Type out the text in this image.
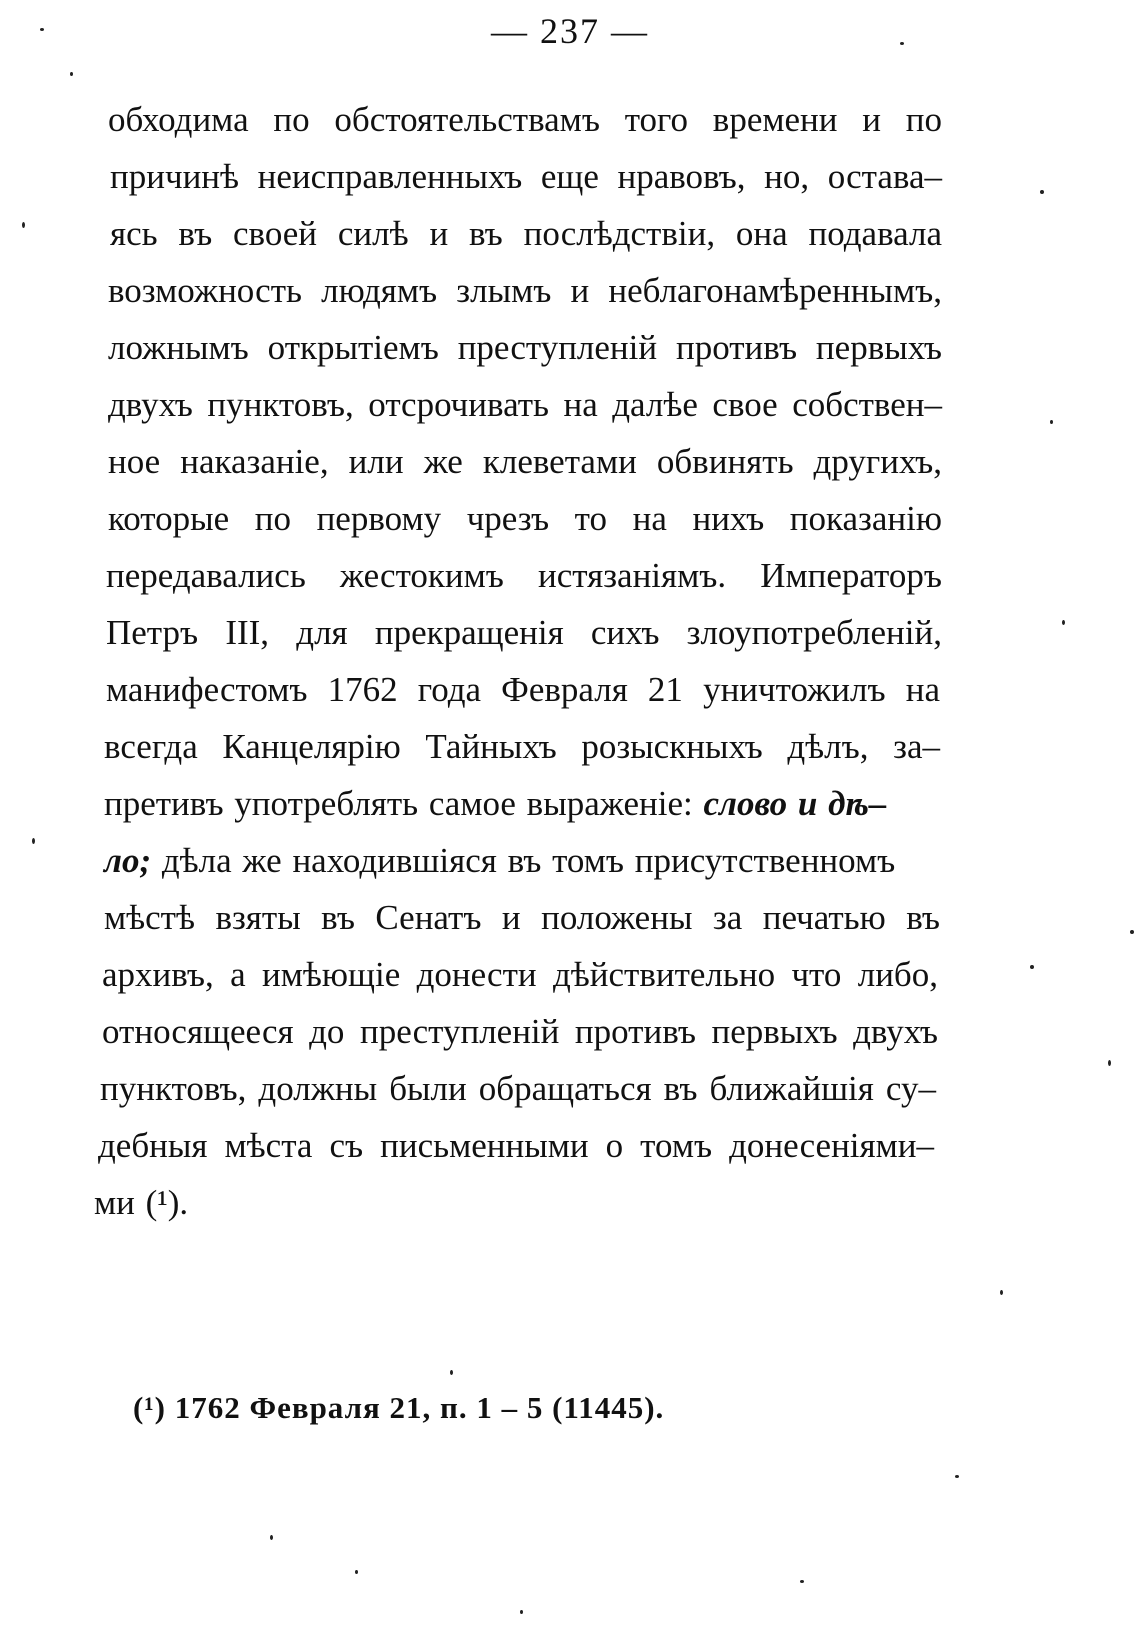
— 237 —
обходима по обстоятельствамъ того времени и по
причинѣ неисправленныхъ еще нравовъ, но, остава–
ясь въ своей силѣ и въ послѣдствіи, она подавала
возможность людямъ злымъ и неблагонамѣреннымъ,
ложнымъ открытіемъ преступленій противъ первыхъ
двухъ пунктовъ, отсрочивать на далѣе свое собствен–
ное наказаніе, или же клеветами обвинять другихъ,
которые по первому чрезъ то на нихъ показанію
передавались жестокимъ истязаніямъ. Императоръ
Петръ III, для прекращенія сихъ злоупотребленій,
манифестомъ 1762 года Февраля 21 уничтожилъ на
всегда Канцелярію Тайныхъ розыскныхъ дѣлъ, за–
претивъ употреблять самое выраженіе: слово и дѣ–
ло; дѣла же находившіяся въ томъ присутственномъ
мѣстѣ взяты въ Сенатъ и положены за печатью въ
архивъ, а имѣющіе донести дѣйствительно что либо,
относящееся до преступленій противъ первыхъ двухъ
пунктовъ, должны были обращаться въ ближайшія су–
дебныя мѣста съ письменными о томъ донесеніями–
ми (¹).
(¹) 1762 Февраля 21, п. 1 – 5 (11445).
